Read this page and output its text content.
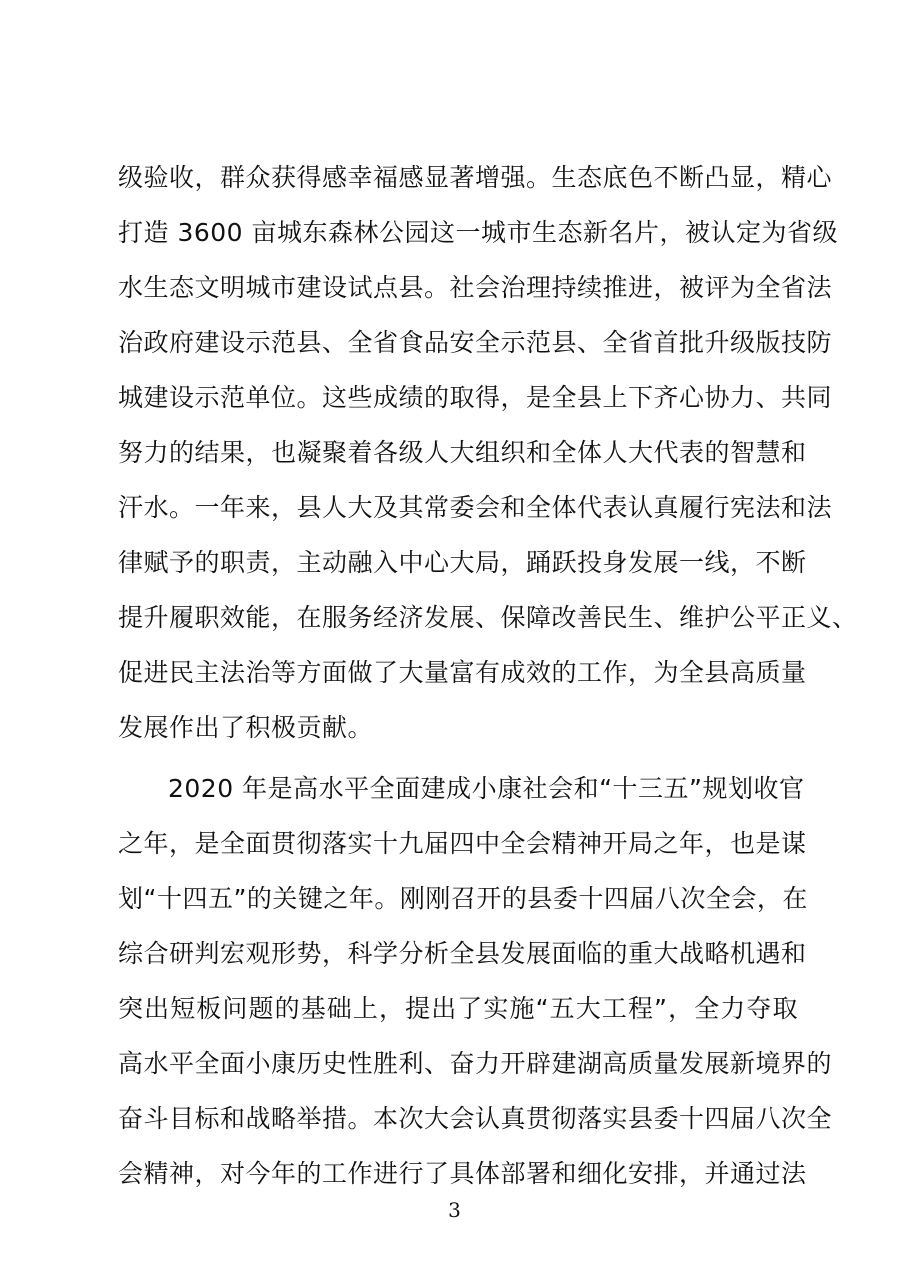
级验收，群众获得感幸福感显著增强。生态底色不断凸显，精心
打造 3600 亩城东森林公园这一城市生态新名片，被认定为省级
水生态文明城市建设试点县。社会治理持续推进，被评为全省法
治政府建设示范县、全省食品安全示范县、全省首批升级版技防
城建设示范单位。这些成绩的取得，是全县上下齐心协力、共同
努力的结果，也凝聚着各级人大组织和全体人大代表的智慧和
汗水。一年来，县人大及其常委会和全体代表认真履行宪法和法
律赋予的职责，主动融入中心大局，踊跃投身发展一线，不断
提升履职效能，在服务经济发展、保障改善民生、维护公平正义、
促进民主法治等方面做了大量富有成效的工作，为全县高质量
发展作出了积极贡献。
2020 年是高水平全面建成小康社会和“十三五”规划收官
之年，是全面贯彻落实十九届四中全会精神开局之年，也是谋
划“十四五”的关键之年。刚刚召开的县委十四届八次全会，在
综合研判宏观形势，科学分析全县发展面临的重大战略机遇和
突出短板问题的基础上，提出了实施“五大工程”，全力夺取
高水平全面小康历史性胜利、奋力开辟建湖高质量发展新境界的
奋斗目标和战略举措。本次大会认真贯彻落实县委十四届八次全
会精神，对今年的工作进行了具体部署和细化安排，并通过法
3
